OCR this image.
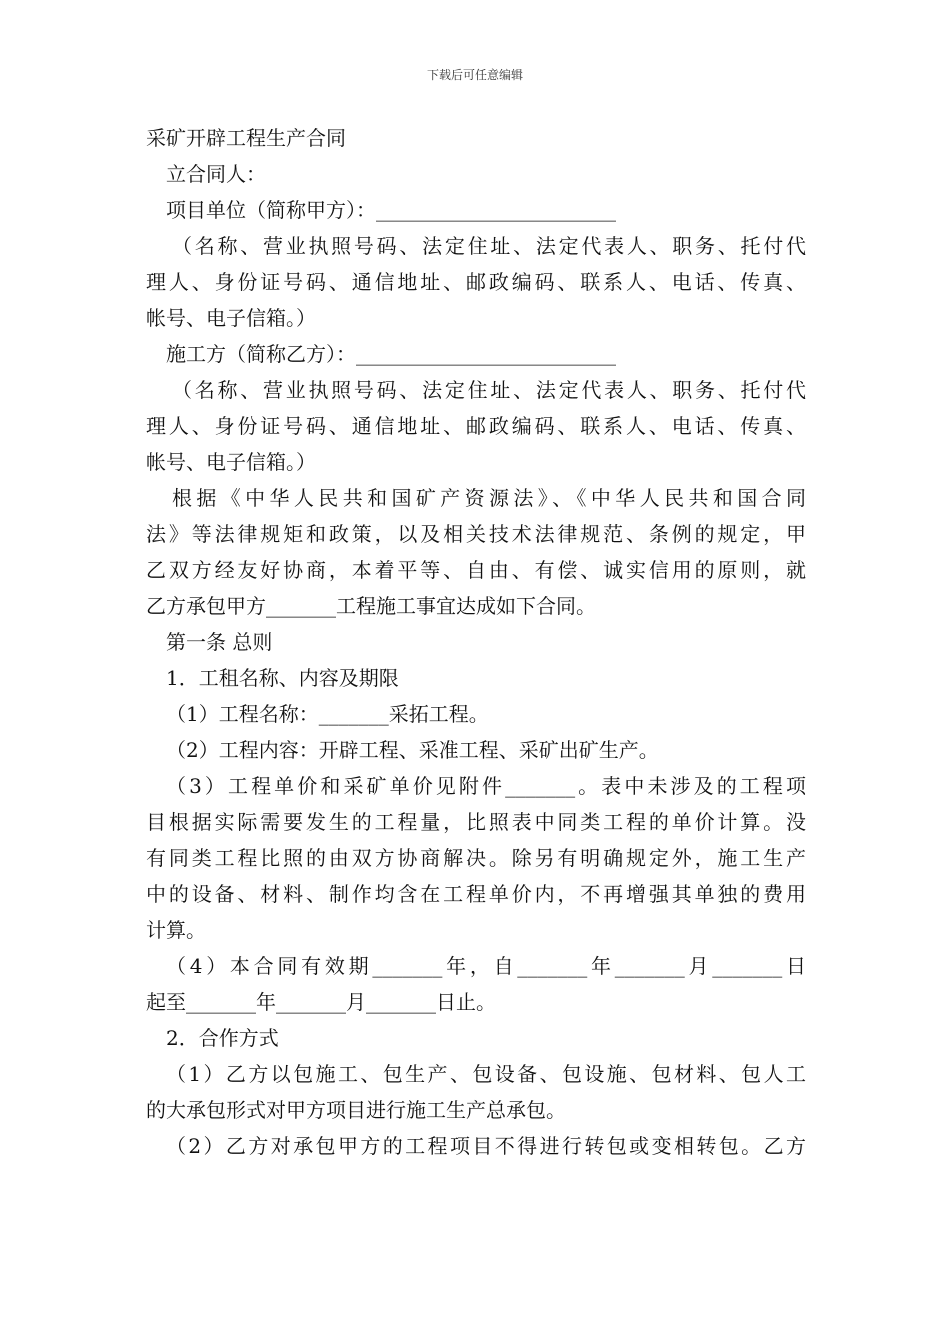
下载后可任意编辑
采矿开辟工程生产合同
立合同人：
项目单位（简称甲方）：________________________
（名称、营业执照号码、法定住址、法定代表人、职务、托付代
理人、身份证号码、通信地址、邮政编码、联系人、电话、传真、
帐号、电子信箱。）
施工方（简称乙方）：__________________________
（名称、营业执照号码、法定住址、法定代表人、职务、托付代
理人、身份证号码、通信地址、邮政编码、联系人、电话、传真、
帐号、电子信箱。）
根据《中华人民共和国矿产资源法》、《中华人民共和国合同
法》等法律规矩和政策，以及相关技术法律规范、条例的规定，甲
乙双方经友好协商，本着平等、自由、有偿、诚实信用的原则，就
乙方承包甲方_______工程施工事宜达成如下合同。
第一条 总则
1．工租名称、内容及期限
（1）工程名称：_______采拓工程。
（2）工程内容：开辟工程、采准工程、采矿出矿生产。
（3）工程单价和采矿单价见附件_______。表中未涉及的工程项
目根据实际需要发生的工程量，比照表中同类工程的单价计算。没
有同类工程比照的由双方协商解决。除另有明确规定外，施工生产
中的设备、材料、制作均含在工程单价内，不再增强其单独的费用
计算。
（4）本合同有效期_______年，自_______年_______月_______日
起至_______年_______月_______日止。
2．合作方式
（1）乙方以包施工、包生产、包设备、包设施、包材料、包人工
的大承包形式对甲方项目进行施工生产总承包。
（2）乙方对承包甲方的工程项目不得进行转包或变相转包。乙方
